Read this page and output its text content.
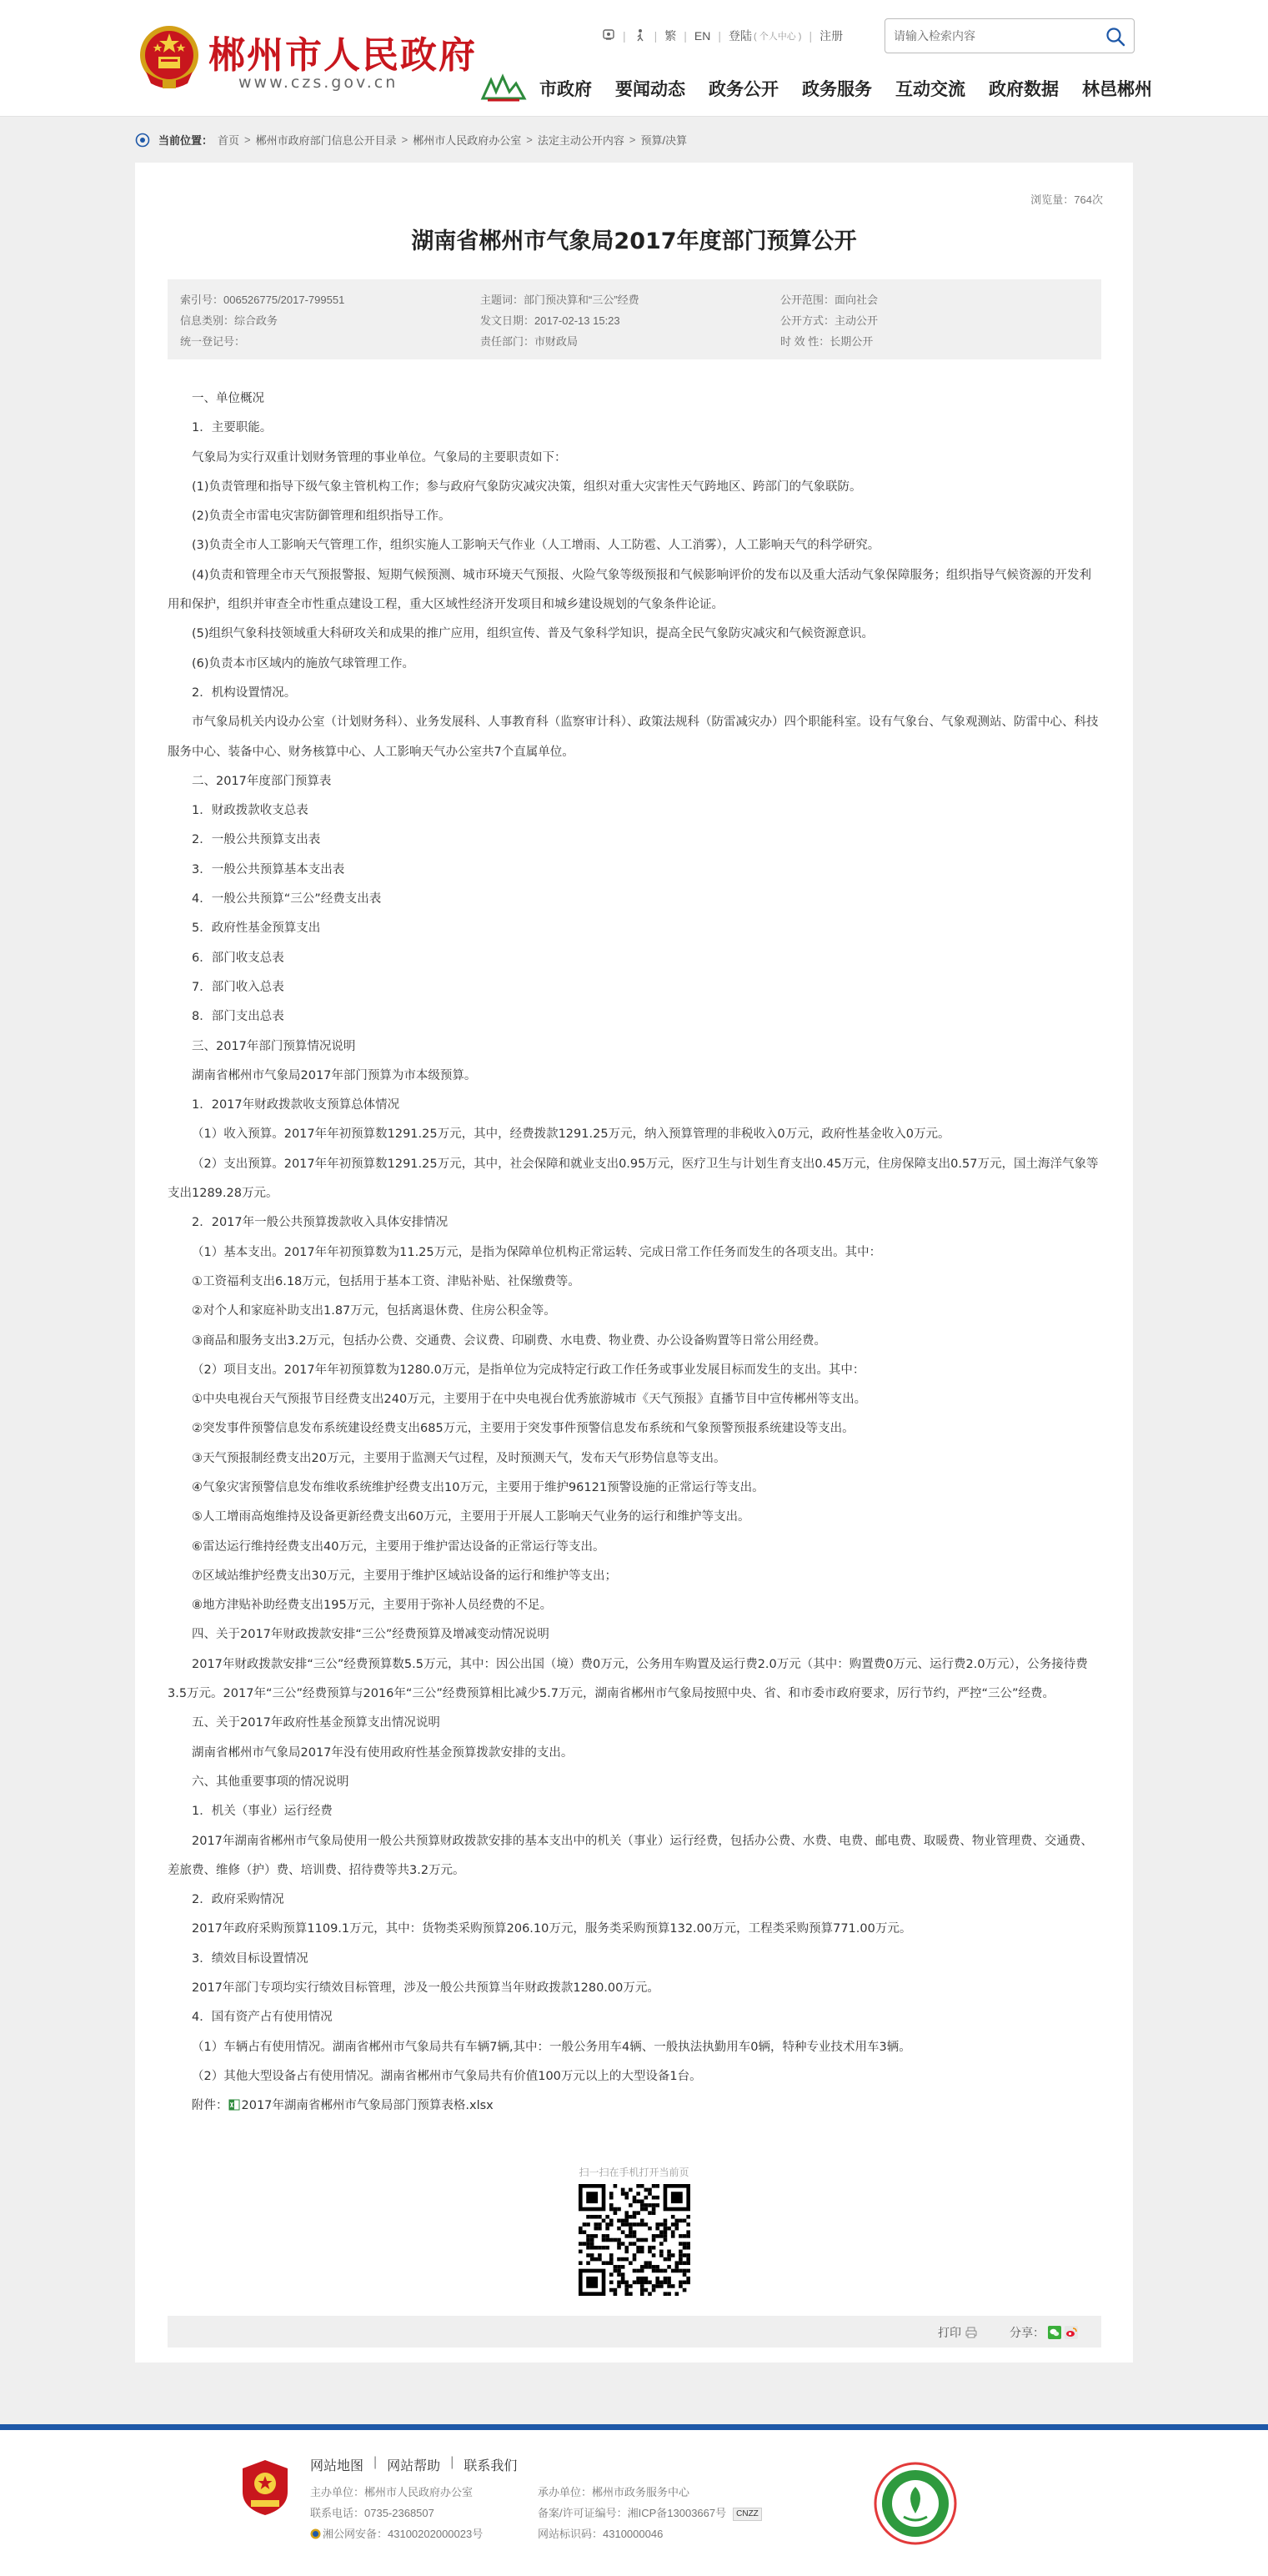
郴州市人民政府
www.czs.gov.cn
| | 繁 | EN | 登陆 ( 个人中心 ) | 注册
请输入检索内容
市政府 要闻动态 政务公开 政务服务 互动交流 政府数据 林邑郴州
当前位置： 首页 > 郴州市政府部门信息公开目录 > 郴州市人民政府办公室 > 法定主动公开内容 > 预算/决算
浏览量：764次
湖南省郴州市气象局2017年度部门预算公开
索引号：006526775/2017-799551
信息类别：综合政务
统一登记号：
主题词：部门预决算和“三公”经费
发文日期：2017-02-13 15:23
责任部门：市财政局
公开范围：面向社会
公开方式：主动公开
时 效 性：长期公开

一、单位概况

1．主要职能。

气象局为实行双重计划财务管理的事业单位。气象局的主要职责如下：

(1)负责管理和指导下级气象主管机构工作；参与政府气象防灾减灾决策，组织对重大灾害性天气跨地区、跨部门的气象联防。

(2)负责全市雷电灾害防御管理和组织指导工作。

(3)负责全市人工影响天气管理工作，组织实施人工影响天气作业（人工增雨、人工防雹、人工消雾），人工影响天气的科学研究。

(4)负责和管理全市天气预报警报、短期气候预测、城市环境天气预报、火险气象等级预报和气候影响评价的发布以及重大活动气象保障服务；组织指导气候资源的开发利用和保护，组织并审查全市性重点建设工程，重大区域性经济开发项目和城乡建设规划的气象条件论证。

(5)组织气象科技领域重大科研攻关和成果的推广应用，组织宣传、普及气象科学知识，提高全民气象防灾减灾和气候资源意识。

(6)负责本市区域内的施放气球管理工作。

2．机构设置情况。

市气象局机关内设办公室（计划财务科）、业务发展科、人事教育科（监察审计科）、政策法规科（防雷减灾办）四个职能科室。设有气象台、气象观测站、防雷中心、科技服务中心、装备中心、财务核算中心、人工影响天气办公室共7个直属单位。

二、2017年度部门预算表

1．财政拨款收支总表

2．一般公共预算支出表

3．一般公共预算基本支出表

4．一般公共预算“三公”经费支出表

5．政府性基金预算支出

6．部门收支总表

7．部门收入总表

8．部门支出总表

三、2017年部门预算情况说明

湖南省郴州市气象局2017年部门预算为市本级预算。

1．2017年财政拨款收支预算总体情况

（1）收入预算。2017年年初预算数1291.25万元，其中，经费拨款1291.25万元，纳入预算管理的非税收入0万元，政府性基金收入0万元。

（2）支出预算。2017年年初预算数1291.25万元，其中，社会保障和就业支出0.95万元，医疗卫生与计划生育支出0.45万元，住房保障支出0.57万元，国土海洋气象等支出1289.28万元。

2．2017年一般公共预算拨款收入具体安排情况

（1）基本支出。2017年年初预算数为11.25万元，是指为保障单位机构正常运转、完成日常工作任务而发生的各项支出。其中：

①工资福利支出6.18万元，包括用于基本工资、津贴补贴、社保缴费等。

②对个人和家庭补助支出1.87万元，包括离退休费、住房公积金等。

③商品和服务支出3.2万元，包括办公费、交通费、会议费、印刷费、水电费、物业费、办公设备购置等日常公用经费。

（2）项目支出。2017年年初预算数为1280.0万元，是指单位为完成特定行政工作任务或事业发展目标而发生的支出。其中：

①中央电视台天气预报节目经费支出240万元，主要用于在中央电视台优秀旅游城市《天气预报》直播节目中宣传郴州等支出。

②突发事件预警信息发布系统建设经费支出685万元，主要用于突发事件预警信息发布系统和气象预警预报系统建设等支出。

③天气预报制经费支出20万元，主要用于监测天气过程，及时预测天气，发布天气形势信息等支出。

④气象灾害预警信息发布维收系统维护经费支出10万元，主要用于维护96121预警设施的正常运行等支出。

⑤人工增雨高炮维持及设备更新经费支出60万元，主要用于开展人工影响天气业务的运行和维护等支出。

⑥雷达运行维持经费支出40万元，主要用于维护雷达设备的正常运行等支出。

⑦区域站维护经费支出30万元，主要用于维护区域站设备的运行和维护等支出；

⑧地方津贴补助经费支出195万元，主要用于弥补人员经费的不足。

四、关于2017年财政拨款安排“三公”经费预算及增减变动情况说明

2017年财政拨款安排“三公”经费预算数5.5万元，其中：因公出国（境）费0万元，公务用车购置及运行费2.0万元（其中：购置费0万元、运行费2.0万元），公务接待费3.5万元。2017年“三公”经费预算与2016年“三公”经费预算相比减少5.7万元，湖南省郴州市气象局按照中央、省、和市委市政府要求，厉行节约，严控“三公”经费。

五、关于2017年政府性基金预算支出情况说明

湖南省郴州市气象局2017年没有使用政府性基金预算拨款安排的支出。

六、其他重要事项的情况说明

1．机关（事业）运行经费

2017年湖南省郴州市气象局使用一般公共预算财政拨款安排的基本支出中的机关（事业）运行经费，包括办公费、水费、电费、邮电费、取暖费、物业管理费、交通费、差旅费、维修（护）费、培训费、招待费等共3.2万元。

2．政府采购情况

2017年政府采购预算1109.1万元，其中：货物类采购预算206.10万元，服务类采购预算132.00万元，工程类采购预算771.00万元。

3．绩效目标设置情况

2017年部门专项均实行绩效目标管理，涉及一般公共预算当年财政拨款1280.00万元。

4．国有资产占有使用情况

（1）车辆占有使用情况。湖南省郴州市气象局共有车辆7辆,其中：一般公务用车4辆、一般执法执勤用车0辆，特种专业技术用车3辆。

（2）其他大型设备占有使用情况。湖南省郴州市气象局共有价值100万元以上的大型设备1台。

附件： 2017年湖南省郴州市气象局部门预算表格.xlsx

扫一扫在手机打开当前页
打印	分享：
网站地图 | 网站帮助 | 联系我们
主办单位：郴州市人民政府办公室
联系电话：0735-2368507
湘公网安备：43100202000023号
承办单位：郴州市政务服务中心
备案/许可证编号：湘ICP备13003667号 CNZZ
网站标识码：4310000046
